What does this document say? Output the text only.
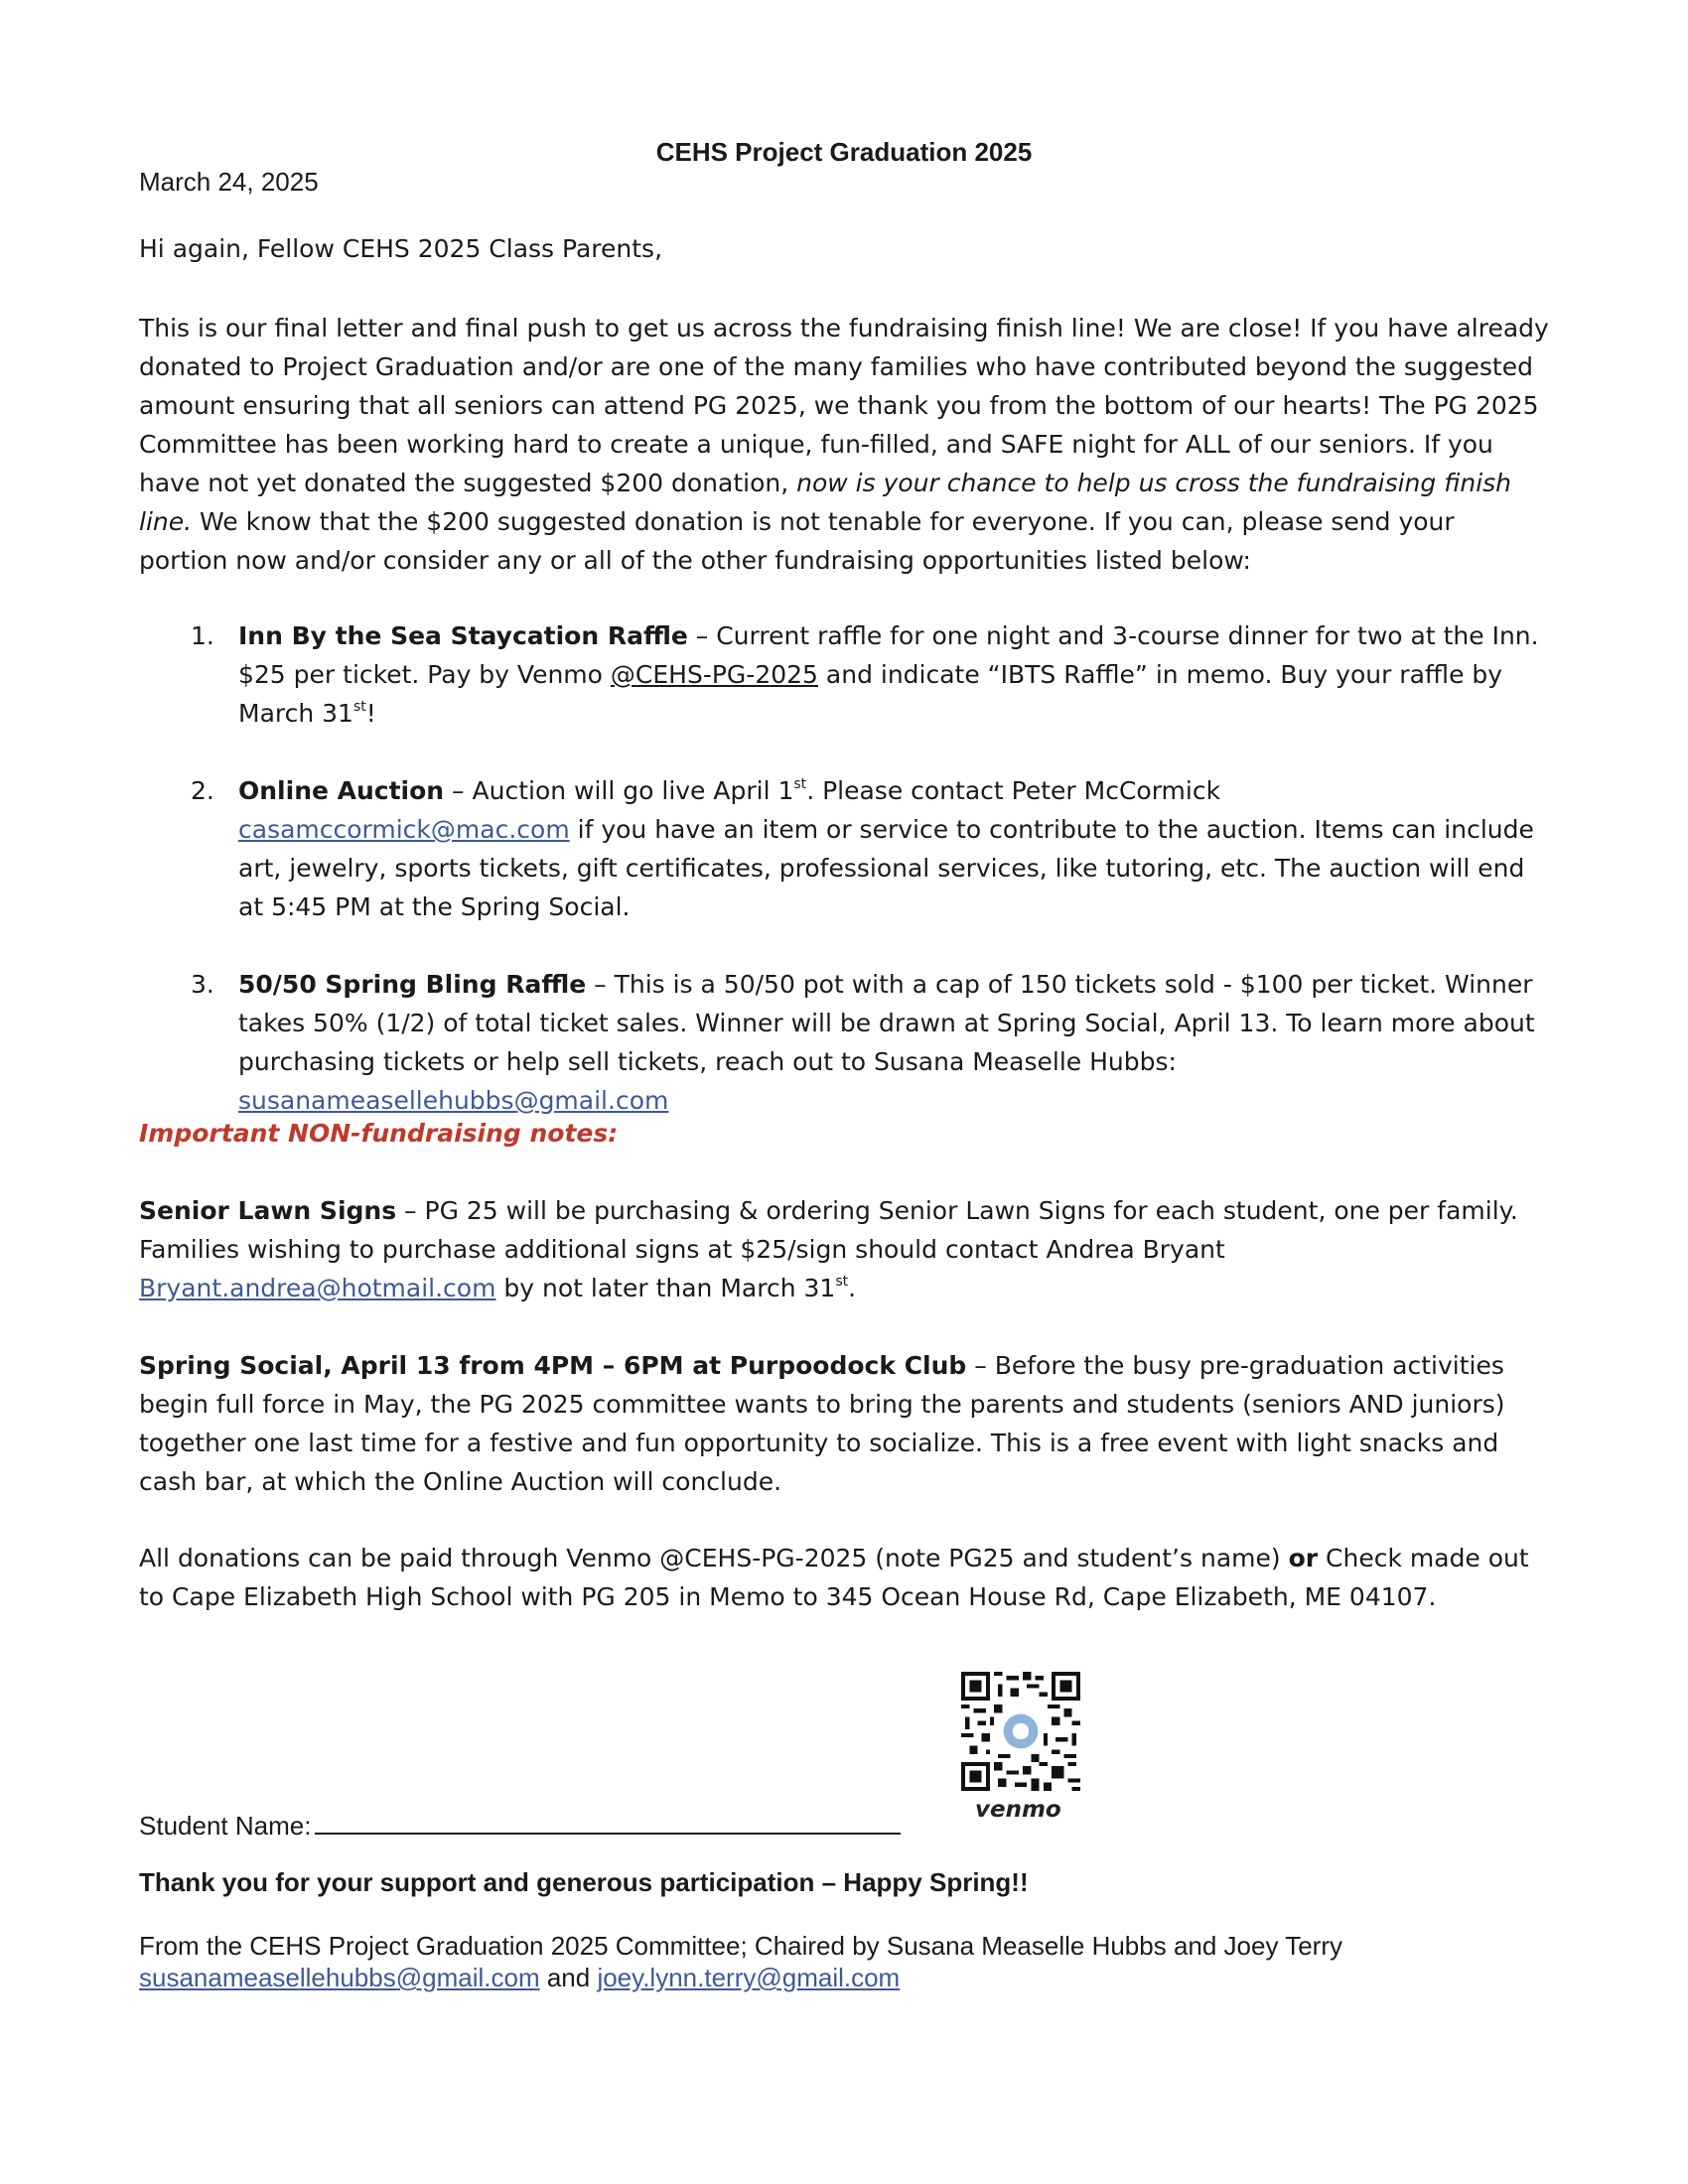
CEHS Project Graduation 2025
March 24, 2025
Hi again, Fellow CEHS 2025 Class Parents,

This is our final letter and final push to get us across the fundraising finish line! We are close! If you have already donated to Project Graduation and/or are one of the many families who have contributed beyond the suggested amount ensuring that all seniors can attend PG 2025, we thank you from the bottom of our hearts! The PG 2025 Committee has been working hard to create a unique, fun-filled, and SAFE night for ALL of our seniors. If you have not yet donated the suggested $200 donation, now is your chance to help us cross the fundraising finish line. We know that the $200 suggested donation is not tenable for everyone. If you can, please send your portion now and/or consider any or all of the other fundraising opportunities listed below:

1. Inn By the Sea Staycation Raffle – Current raffle for one night and 3-course dinner for two at the Inn. $25 per ticket. Pay by Venmo @CEHS-PG-2025 and indicate “IBTS Raffle” in memo. Buy your raffle by March 31st!
2. Online Auction – Auction will go live April 1st. Please contact Peter McCormick casamccormick@mac.com if you have an item or service to contribute to the auction. Items can include art, jewelry, sports tickets, gift certificates, professional services, like tutoring, etc. The auction will end at 5:45 PM at the Spring Social.
3. 50/50 Spring Bling Raffle – This is a 50/50 pot with a cap of 150 tickets sold - $100 per ticket. Winner takes 50% (1/2) of total ticket sales. Winner will be drawn at Spring Social, April 13. To learn more about purchasing tickets or help sell tickets, reach out to Susana Measelle Hubbs: susanameasellehubbs@gmail.com
Important NON-fundraising notes:

Senior Lawn Signs – PG 25 will be purchasing & ordering Senior Lawn Signs for each student, one per family. Families wishing to purchase additional signs at $25/sign should contact Andrea Bryant Bryant.andrea@hotmail.com by not later than March 31st.

Spring Social, April 13 from 4PM – 6PM at Purpoodock Club – Before the busy pre-graduation activities begin full force in May, the PG 2025 committee wants to bring the parents and students (seniors AND juniors) together one last time for a festive and fun opportunity to socialize. This is a free event with light snacks and cash bar, at which the Online Auction will conclude.

All donations can be paid through Venmo @CEHS-PG-2025 (note PG25 and student’s name) or Check made out to Cape Elizabeth High School with PG 205 in Memo to 345 Ocean House Rd, Cape Elizabeth, ME 04107.

venmo
Student Name:
Thank you for your support and generous participation – Happy Spring!!
From the CEHS Project Graduation 2025 Committee; Chaired by Susana Measelle Hubbs and Joey Terry
susanameasellehubbs@gmail.com and joey.lynn.terry@gmail.com
